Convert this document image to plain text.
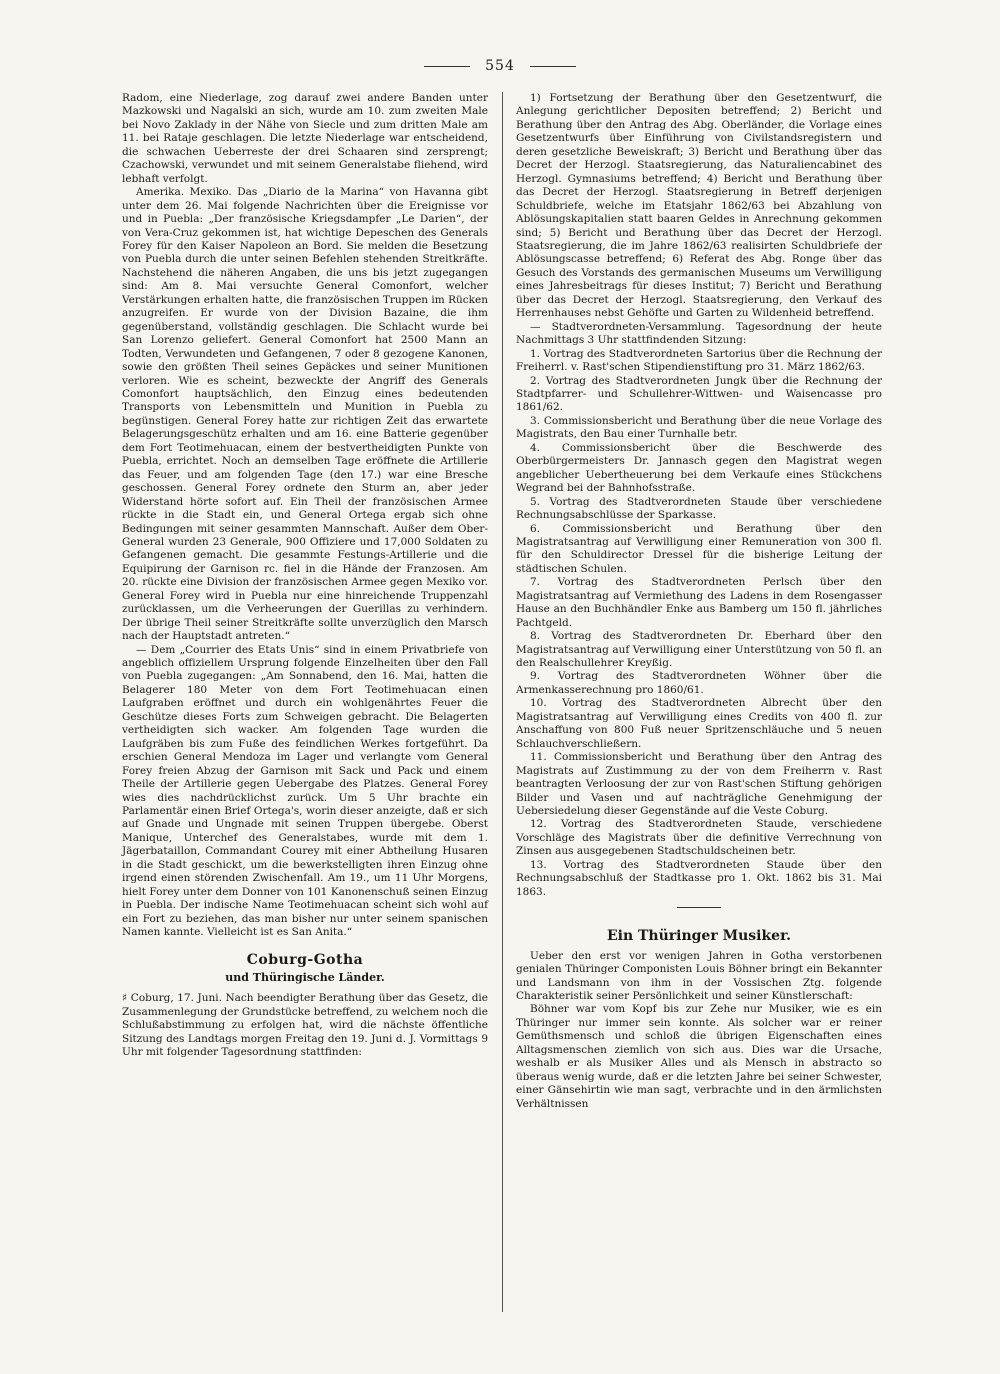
554

Radom, eine Niederlage, zog darauf zwei andere Banden unter Mazkowski und Nagalski an sich, wurde am 10. zum zweiten Male bei Novo Zaklady in der Nähe von Siecle und zum dritten Male am 11. bei Rataje geschlagen. Die letzte Niederlage war entscheidend, die schwachen Ueberreste der drei Schaaren sind zersprengt; Czachowski, verwundet und mit seinem Generalstabe fliehend, wird lebhaft verfolgt.

Amerika. Mexiko. Das „Diario de la Marina“ von Havanna gibt unter dem 26. Mai folgende Nachrichten über die Ereignisse vor und in Puebla: „Der französische Kriegsdampfer „Le Darien“, der von Vera-Cruz gekommen ist, hat wichtige Depeschen des Generals Forey für den Kaiser Napoleon an Bord. Sie melden die Besetzung von Puebla durch die unter seinen Befehlen stehenden Streitkräfte. Nachstehend die näheren Angaben, die uns bis jetzt zugegangen sind: Am 8. Mai versuchte General Comonfort, welcher Verstärkungen erhalten hatte, die französischen Truppen im Rücken anzugreifen. Er wurde von der Division Bazaine, die ihm gegenüberstand, vollständig geschlagen. Die Schlacht wurde bei San Lorenzo geliefert. General Comonfort hat 2500 Mann an Todten, Verwundeten und Gefangenen, 7 oder 8 gezogene Kanonen, sowie den größten Theil seines Gepäckes und seiner Munitionen verloren. Wie es scheint, bezweckte der Angriff des Generals Comonfort hauptsächlich, den Einzug eines bedeutenden Transports von Lebensmitteln und Munition in Puebla zu begünstigen. General Forey hatte zur richtigen Zeit das erwartete Belagerungsgeschütz erhalten und am 16. eine Batterie gegenüber dem Fort Teotimehuacan, einem der bestvertheidigten Punkte von Puebla, errichtet. Noch an demselben Tage eröffnete die Artillerie das Feuer, und am folgenden Tage (den 17.) war eine Bresche geschossen. General Forey ordnete den Sturm an, aber jeder Widerstand hörte sofort auf. Ein Theil der französischen Armee rückte in die Stadt ein, und General Ortega ergab sich ohne Bedingungen mit seiner gesammten Mannschaft. Außer dem Ober-General wurden 23 Generale, 900 Offiziere und 17,000 Soldaten zu Gefangenen gemacht. Die gesammte Festungs-Artillerie und die Equipirung der Garnison rc. fiel in die Hände der Franzosen. Am 20. rückte eine Division der französischen Armee gegen Mexiko vor. General Forey wird in Puebla nur eine hinreichende Truppenzahl zurücklassen, um die Verheerungen der Guerillas zu verhindern. Der übrige Theil seiner Streitkräfte sollte unverzüglich den Marsch nach der Hauptstadt antreten.“

— Dem „Courrier des Etats Unis“ sind in einem Privatbriefe von angeblich offiziellem Ursprung folgende Einzelheiten über den Fall von Puebla zugegangen: „Am Sonnabend, den 16. Mai, hatten die Belagerer 180 Meter von dem Fort Teotimehuacan einen Laufgraben eröffnet und durch ein wohlgenährtes Feuer die Geschütze dieses Forts zum Schweigen gebracht. Die Belagerten vertheidigten sich wacker. Am folgenden Tage wurden die Laufgräben bis zum Fuße des feindlichen Werkes fortgeführt. Da erschien General Mendoza im Lager und verlangte vom General Forey freien Abzug der Garnison mit Sack und Pack und einem Theile der Artillerie gegen Uebergabe des Platzes. General Forey wies dies nachdrücklichst zurück. Um 5 Uhr brachte ein Parlamentär einen Brief Ortega's, worin dieser anzeigte, daß er sich auf Gnade und Ungnade mit seinen Truppen übergebe. Oberst Manique, Unterchef des Generalstabes, wurde mit dem 1. Jägerbataillon, Commandant Courey mit einer Abtheilung Husaren in die Stadt geschickt, um die bewerkstelligten ihren Einzug ohne irgend einen störenden Zwischenfall. Am 19., um 11 Uhr Morgens, hielt Forey unter dem Donner von 101 Kanonenschuß seinen Einzug in Puebla. Der indische Name Teotimehuacan scheint sich wohl auf ein Fort zu beziehen, das man bisher nur unter seinem spanischen Namen kannte. Vielleicht ist es San Anita.“

Coburg-Gotha
und Thüringische Länder.

♯ Coburg, 17. Juni. Nach beendigter Berathung über das Gesetz, die Zusammenlegung der Grundstücke betreffend, zu welchem noch die Schlußabstimmung zu erfolgen hat, wird die nächste öffentliche Sitzung des Landtags morgen Freitag den 19. Juni d. J. Vormittags 9 Uhr mit folgender Tagesordnung stattfinden:

1) Fortsetzung der Berathung über den Gesetzentwurf, die Anlegung gerichtlicher Depositen betreffend; 2) Bericht und Berathung über den Antrag des Abg. Oberländer, die Vorlage eines Gesetzentwurfs über Einführung von Civilstandsregistern und deren gesetzliche Beweiskraft; 3) Bericht und Berathung über das Decret der Herzogl. Staatsregierung, das Naturaliencabinet des Herzogl. Gymnasiums betreffend; 4) Bericht und Berathung über das Decret der Herzogl. Staatsregierung in Betreff derjenigen Schuldbriefe, welche im Etatsjahr 1862/63 bei Abzahlung von Ablösungskapitalien statt baaren Geldes in Anrechnung gekommen sind; 5) Bericht und Berathung über das Decret der Herzogl. Staatsregierung, die im Jahre 1862/63 realisirten Schuldbriefe der Ablösungscasse betreffend; 6) Referat des Abg. Ronge über das Gesuch des Vorstands des germanischen Museums um Verwilligung eines Jahresbeitrags für dieses Institut; 7) Bericht und Berathung über das Decret der Herzogl. Staatsregierung, den Verkauf des Herrenhauses nebst Gehöfte und Garten zu Wildenheid betreffend.

— Stadtverordneten-Versammlung. Tagesordnung der heute Nachmittags 3 Uhr stattfindenden Sitzung:

1. Vortrag des Stadtverordneten Sartorius über die Rechnung der Freiherrl. v. Rast'schen Stipendienstiftung pro 31. März 1862/63.

2. Vortrag des Stadtverordneten Jungk über die Rechnung der Stadtpfarrer- und Schullehrer-Wittwen- und Waisencasse pro 1861/62.

3. Commissionsbericht und Berathung über die neue Vorlage des Magistrats, den Bau einer Turnhalle betr.

4. Commissionsbericht über die Beschwerde des Oberbürgermeisters Dr. Jannasch gegen den Magistrat wegen angeblicher Uebertheuerung bei dem Verkaufe eines Stückchens Wegrand bei der Bahnhofsstraße.

5. Vortrag des Stadtverordneten Staude über verschiedene Rechnungsabschlüsse der Sparkasse.

6. Commissionsbericht und Berathung über den Magistratsantrag auf Verwilligung einer Remuneration von 300 fl. für den Schuldirector Dressel für die bisherige Leitung der städtischen Schulen.

7. Vortrag des Stadtverordneten Perlsch über den Magistratsantrag auf Vermiethung des Ladens in dem Rosengasser Hause an den Buchhändler Enke aus Bamberg um 150 fl. jährliches Pachtgeld.

8. Vortrag des Stadtverordneten Dr. Eberhard über den Magistratsantrag auf Verwilligung einer Unterstützung von 50 fl. an den Realschullehrer Kreyßig.

9. Vortrag des Stadtverordneten Wöhner über die Armenkasserechnung pro 1860/61.

10. Vortrag des Stadtverordneten Albrecht über den Magistratsantrag auf Verwilligung eines Credits von 400 fl. zur Anschaffung von 800 Fuß neuer Spritzenschläuche und 5 neuen Schlauchverschließern.

11. Commissionsbericht und Berathung über den Antrag des Magistrats auf Zustimmung zu der von dem Freiherrn v. Rast beantragten Verloosung der zur von Rast'schen Stiftung gehörigen Bilder und Vasen und auf nachträgliche Genehmigung der Uebersiedelung dieser Gegenstände auf die Veste Coburg.

12. Vortrag des Stadtverordneten Staude, verschiedene Vorschläge des Magistrats über die definitive Verrechnung von Zinsen aus ausgegebenen Stadtschuldscheinen betr.

13. Vortrag des Stadtverordneten Staude über den Rechnungsabschluß der Stadtkasse pro 1. Okt. 1862 bis 31. Mai 1863.

Ein Thüringer Musiker.

Ueber den erst vor wenigen Jahren in Gotha verstorbenen genialen Thüringer Componisten Louis Böhner bringt ein Bekannter und Landsmann von ihm in der Vossischen Ztg. folgende Charakteristik seiner Persönlichkeit und seiner Künstlerschaft:

Böhner war vom Kopf bis zur Zehe nur Musiker, wie es ein Thüringer nur immer sein konnte. Als solcher war er reiner Gemüthsmensch und schloß die übrigen Eigenschaften eines Alltagsmenschen ziemlich von sich aus. Dies war die Ursache, weshalb er als Musiker Alles und als Mensch in abstracto so überaus wenig wurde, daß er die letzten Jahre bei seiner Schwester, einer Gänsehirtin wie man sagt, verbrachte und in den ärmlichsten Verhältnissen
